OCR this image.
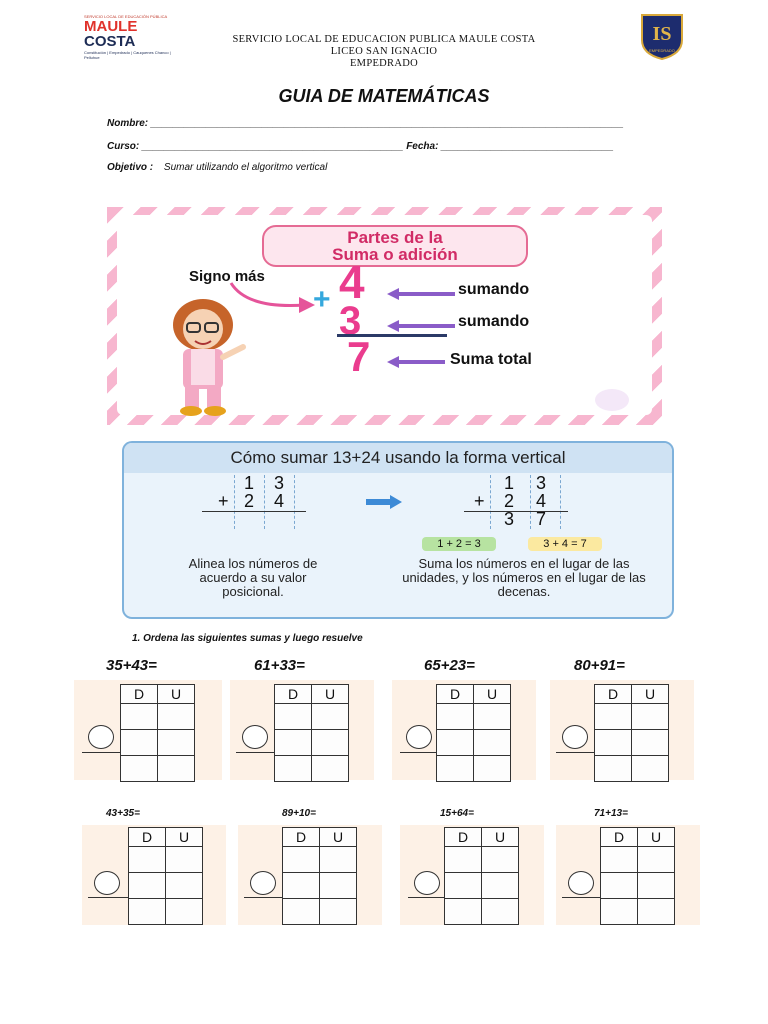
SERVICIO LOCAL DE EDUCACIÓN PÚBLICA
MAULE
COSTA
Constitución | Empedrado | Cauquenes Chanco | Pelluhue
SERVICIO LOCAL DE EDUCACION PUBLICA MAULE COSTA
LICEO SAN IGNACIO
EMPEDRADO
IS
EMPEDRADO
GUIA DE MATEMÁTICAS
Nombre: _____________________________________________________________________________________
Curso: _______________________________________________ Fecha: _______________________________
Objetivo : Sumar utilizando el algoritmo vertical
Partes de la
Suma o adición
Signo más
+ 4
3
7
sumando
sumando
Suma total
Cómo sumar 13+24 usando la forma vertical
1 3
+ 2 4
1 3
+ 2 4
3 7
1 + 2 = 3	3 + 4 = 7
Alinea los números de acuerdo a su valor posicional.
Suma los números en el lugar de las unidades, y los números en el lugar de las decenas.
1. Ordena las siguientes sumas y luego resuelve
35+43=	61+33=	65+23=	80+91=
D	U

		D	U

		D	U

		D	U

43+35=	89+10=	15+64=	71+13=
D	U

		D	U

		D	U

		D	U
